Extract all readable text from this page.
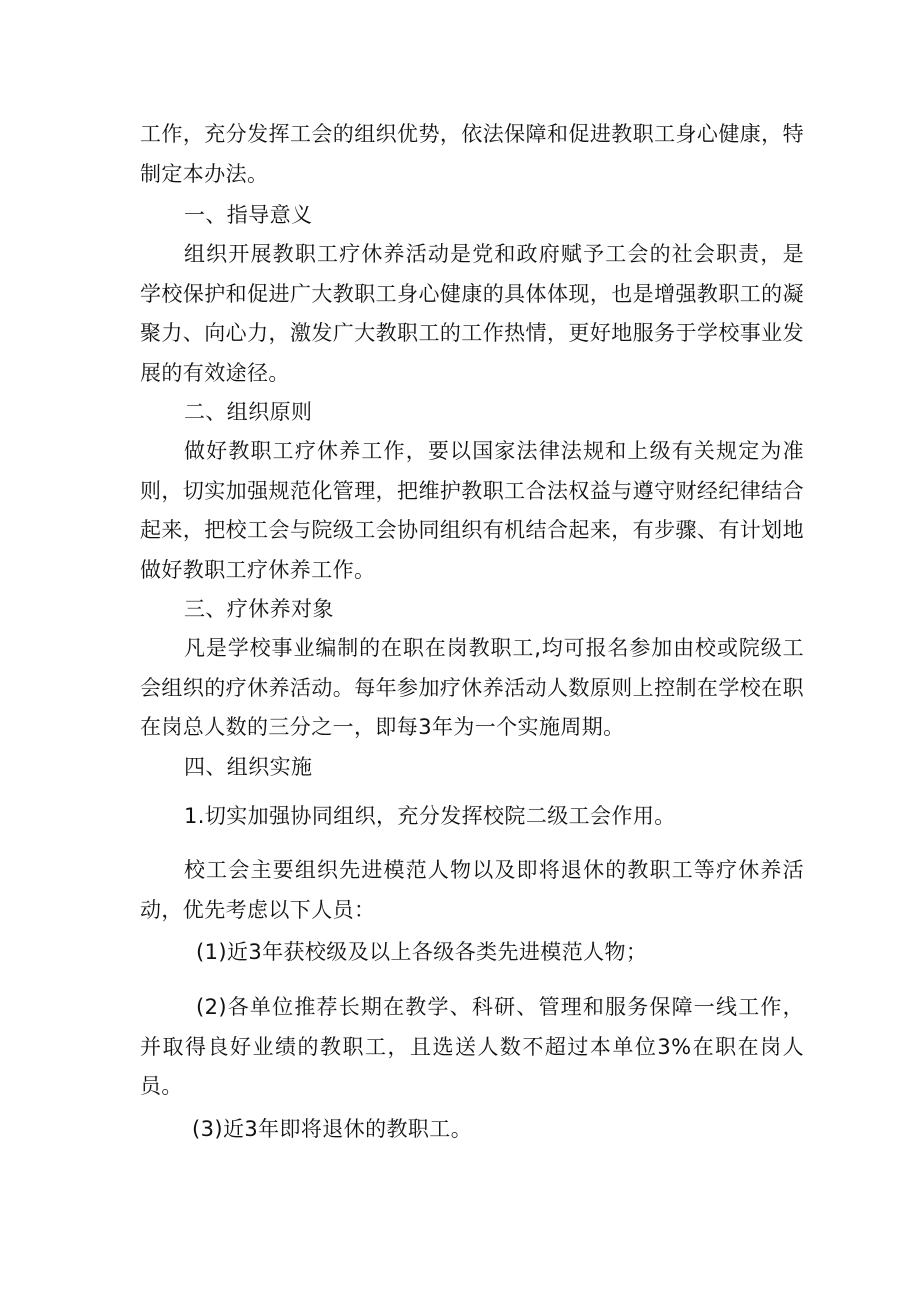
工作，充分发挥工会的组织优势，依法保障和促进教职工身心健康，特制定本办法。

一、指导意义

组织开展教职工疗休养活动是党和政府赋予工会的社会职责，是学校保护和促进广大教职工身心健康的具体体现，也是增强教职工的凝聚力、向心力，激发广大教职工的工作热情，更好地服务于学校事业发展的有效途径。

二、组织原则

做好教职工疗休养工作，要以国家法律法规和上级有关规定为准则，切实加强规范化管理，把维护教职工合法权益与遵守财经纪律结合起来，把校工会与院级工会协同组织有机结合起来，有步骤、有计划地做好教职工疗休养工作。

三、疗休养对象

凡是学校事业编制的在职在岗教职工,均可报名参加由校或院级工会组织的疗休养活动。每年参加疗休养活动人数原则上控制在学校在职在岗总人数的三分之一，即每3年为一个实施周期。

四、组织实施

1.切实加强协同组织，充分发挥校院二级工会作用。

校工会主要组织先进模范人物以及即将退休的教职工等疗休养活动，优先考虑以下人员：

(1)近3年获校级及以上各级各类先进模范人物；

(2)各单位推荐长期在教学、科研、管理和服务保障一线工作，并取得良好业绩的教职工，且选送人数不超过本单位3%在职在岗人员。

(3)近3年即将退休的教职工。
